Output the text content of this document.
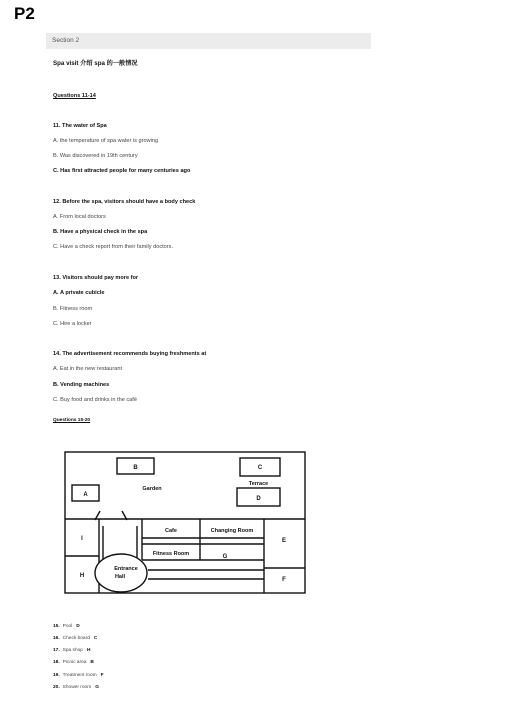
P2
Section 2
Spa visit 介绍 spa 的一般情况
Questions 11-14
11. The water of Spa
A. the temperature of spa water is growing
B. Was discovered in 19th century
C. Has first attracted people for many centuries ago
12. Before the spa, visitors should have a body check
A. From local doctors
B. Have a physical check in the spa
C. Have a check report from their family doctors.
13. Visitors should pay more for
A. A private cubicle
B. Fitness room
C. Hire a locker
14. The advertisement recommends buying freshments at
A. Eat in the new restaurant
B. Vending machines
C. Buy food and drinks in the café
Questions 15-20
B	C
A
D
Terrace
Garden
I
H
Cafe	Changing Room
Fitness Room	G
E
F
Entrance
Hall
15. Pool D
16. Check board C
17. Spa shop H
18. Picnic area B
19. Treatment room F
20. Shower room G
